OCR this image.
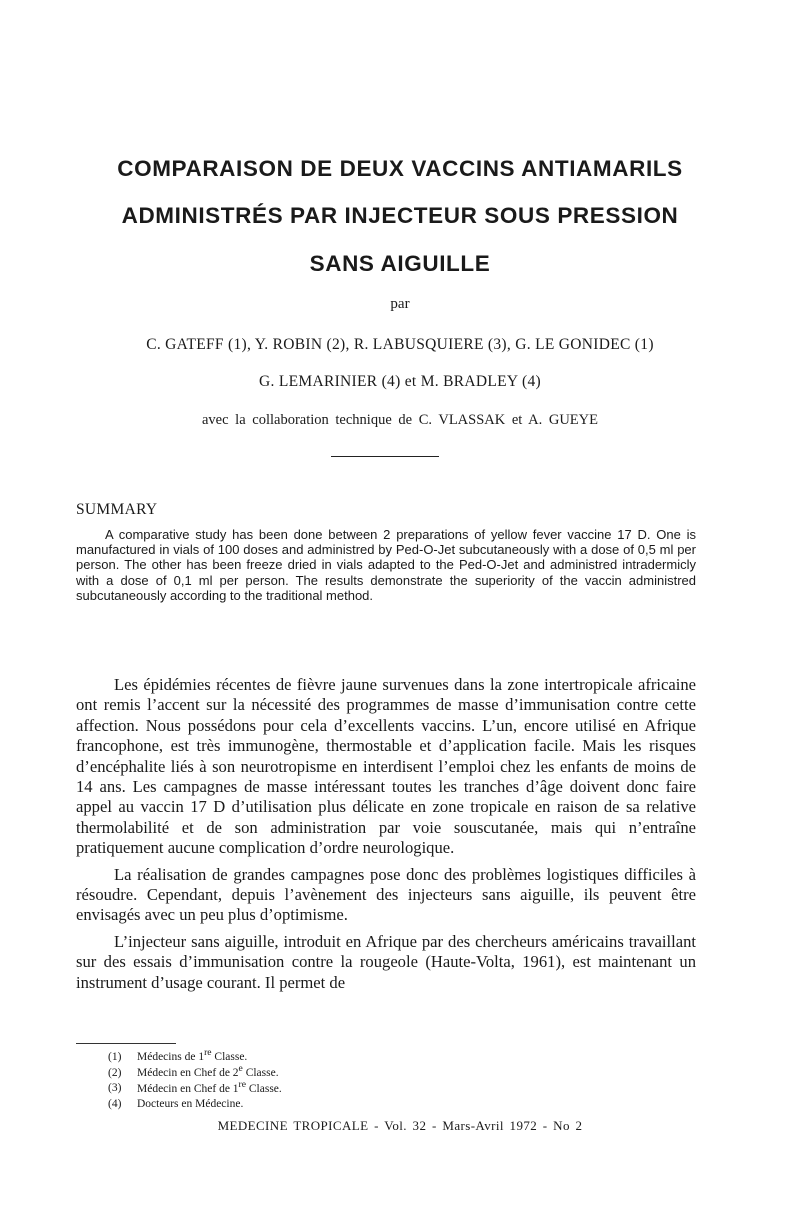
COMPARAISON DE DEUX VACCINS ANTIAMARILS
ADMINISTRÉS PAR INJECTEUR SOUS PRESSION
SANS AIGUILLE

par

C. GATEFF (1), Y. ROBIN (2), R. LABUSQUIERE (3), G. LE GONIDEC (1)

G. LEMARINIER (4) et M. BRADLEY (4)

avec la collaboration technique de C. VLASSAK et A. GUEYE

SUMMARY

A comparative study has been done between 2 preparations of yellow fever vaccine 17 D. One is manufactured in vials of 100 doses and administred by Ped-O-Jet subcutaneously with a dose of 0,5 ml per person. The other has been freeze dried in vials adapted to the Ped-O-Jet and administred intradermicly with a dose of 0,1 ml per person. The results demonstrate the superiority of the vaccin administred subcutaneously according to the traditional method.

Les épidémies récentes de fièvre jaune survenues dans la zone intertropicale africaine ont remis l’accent sur la nécessité des programmes de masse d’immunisation contre cette affection. Nous possédons pour cela d’excellents vaccins. L’un, encore utilisé en Afrique francophone, est très immunogène, thermostable et d’application facile. Mais les risques d’encéphalite liés à son neurotropisme en interdisent l’emploi chez les enfants de moins de 14 ans. Les campagnes de masse intéressant toutes les tranches d’âge doivent donc faire appel au vaccin 17 D d’utilisation plus délicate en zone tropicale en raison de sa relative thermolabilité et de son administration par voie souscutanée, mais qui n’entraîne pratiquement aucune complication d’ordre neurologique.

La réalisation de grandes campagnes pose donc des problèmes logistiques difficiles à résoudre. Cependant, depuis l’avènement des injecteurs sans aiguille, ils peuvent être envisagés avec un peu plus d’optimisme.

L’injecteur sans aiguille, introduit en Afrique par des chercheurs américains travaillant sur des essais d’immunisation contre la rougeole (Haute-Volta, 1961), est maintenant un instrument d’usage courant. Il permet de

(1) Médecins de 1re Classe.
(2) Médecin en Chef de 2e Classe.
(3) Médecin en Chef de 1re Classe.
(4) Docteurs en Médecine.

MEDECINE TROPICALE - Vol. 32 - Mars-Avril 1972 - No 2
